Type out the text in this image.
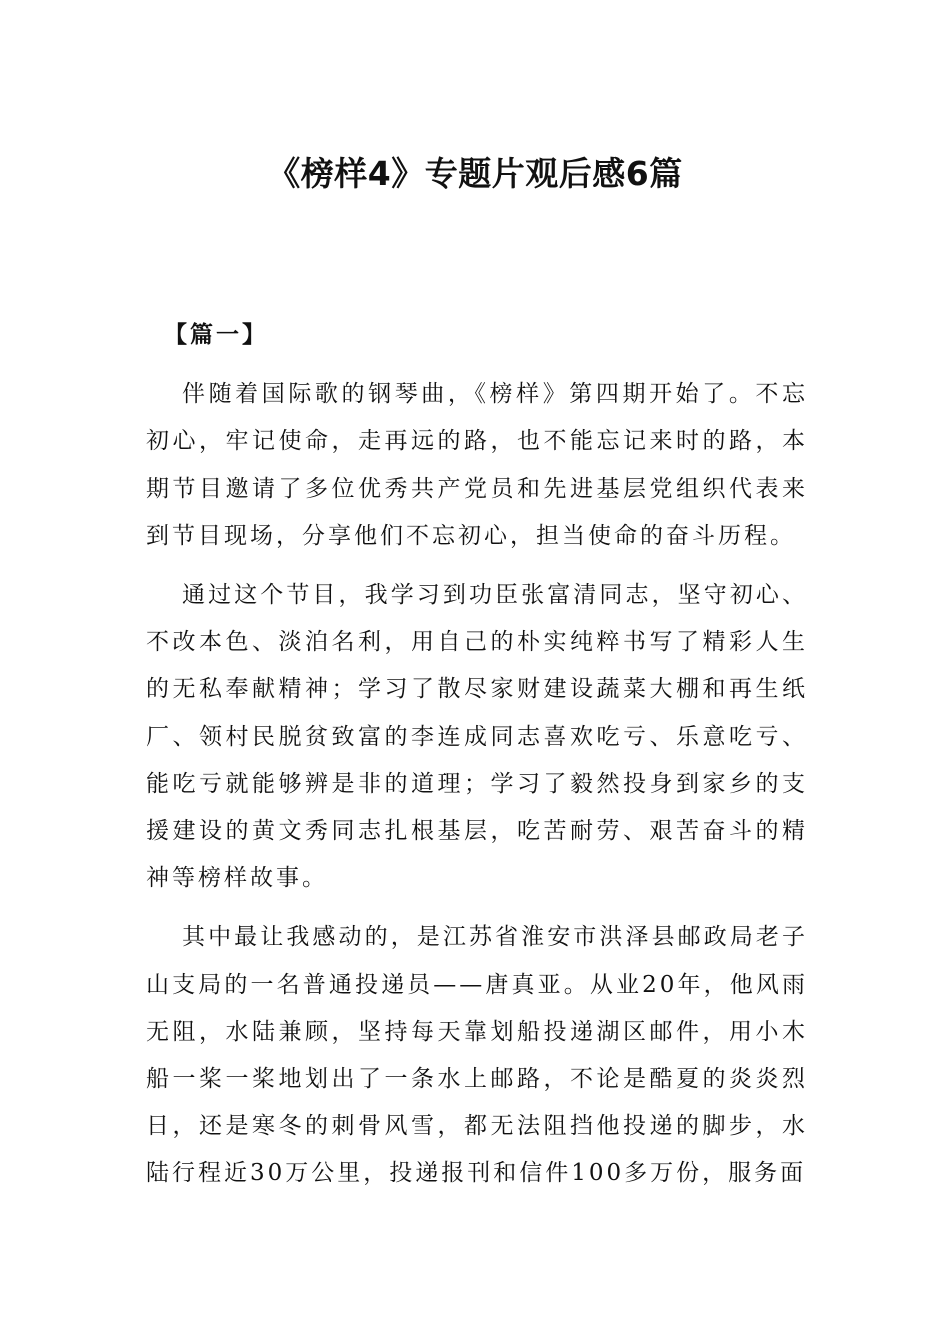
《榜样4》专题片观后感6篇

【篇一】

伴随着国际歌的钢琴曲，《榜样》第四期开始了。不忘初心，牢记使命，走再远的路，也不能忘记来时的路，本期节目邀请了多位优秀共产党员和先进基层党组织代表来到节目现场，分享他们不忘初心，担当使命的奋斗历程。

通过这个节目，我学习到功臣张富清同志，坚守初心、不改本色、淡泊名利，用自己的朴实纯粹书写了精彩人生的无私奉献精神；学习了散尽家财建设蔬菜大棚和再生纸厂、领村民脱贫致富的李连成同志喜欢吃亏、乐意吃亏、能吃亏就能够辨是非的道理；学习了毅然投身到家乡的支援建设的黄文秀同志扎根基层，吃苦耐劳、艰苦奋斗的精神等榜样故事。

其中最让我感动的，是江苏省淮安市洪泽县邮政局老子山支局的一名普通投递员——唐真亚。从业20年，他风雨无阻，水陆兼顾，坚持每天靠划船投递湖区邮件，用小木船一桨一桨地划出了一条水上邮路，不论是酷夏的炎炎烈日，还是寒冬的刺骨风雪，都无法阻挡他投递的脚步，水陆行程近30万公里，投递报刊和信件100多万份，服务面
